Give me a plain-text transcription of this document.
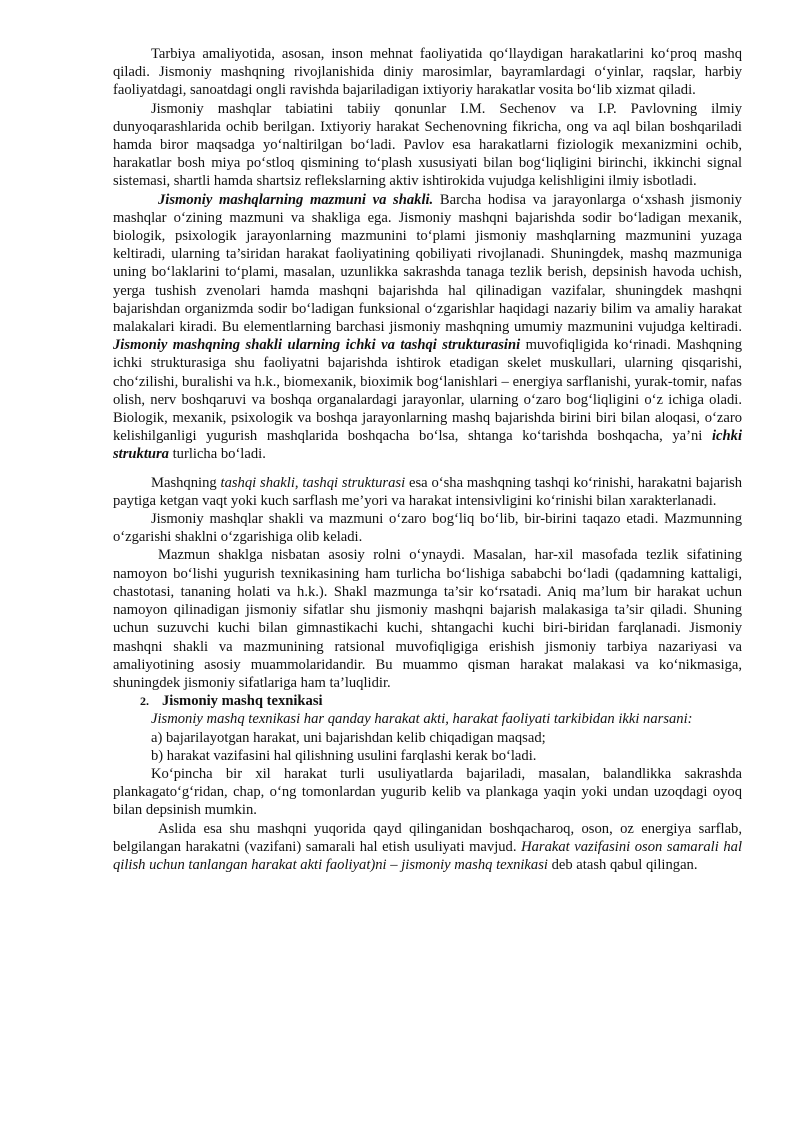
Tarbiya amaliyotida, asosan, inson mehnat faoliyatida qo‘llaydigan harakatlarini ko‘proq mashq qiladi. Jismoniy mashqning rivojlanishida diniy marosimlar, bayramlardagi o‘yinlar, raqslar, harbiy faoliyatdagi, sanoatdagi ongli ravishda bajariladigan ixtiyoriy harakatlar vosita bo‘lib xizmat qiladi.

Jismoniy mashqlar tabiatini tabiiy qonunlar I.M. Sechenov va I.P. Pavlovning ilmiy dunyoqarashlarida ochib berilgan. Ixtiyoriy harakat Sechenovning fikricha, ong va aql bilan boshqariladi hamda biror maqsadga yo‘naltirilgan bo‘ladi. Pavlov esa harakatlarni fiziologik mexanizmini ochib, harakatlar bosh miya po‘stloq qismining to‘plash xususiyati bilan bog‘liqligini birinchi, ikkinchi signal sistemasi, shartli hamda shartsiz reflekslarning aktiv ishtirokida vujudga kelishligini ilmiy isbotladi.

Jismoniy mashqlarning mazmuni va shakli. Barcha hodisa va jarayonlarga o‘xshash jismoniy mashqlar o‘zining mazmuni va shakliga ega. Jismoniy mashqni bajarishda sodir bo‘ladigan mexanik, biologik, psixologik jarayonlarning mazmunini to‘plami jismoniy mashqlarning mazmunini yuzaga keltiradi, ularning ta’siridan harakat faoliyatining qobiliyati rivojlanadi. Shuningdek, mashq mazmuniga uning bo‘laklarini to‘plami, masalan, uzunlikka sakrashda tanaga tezlik berish, depsinish havoda uchish, yerga tushish zvenolari hamda mashqni bajarishda hal qilinadigan vazifalar, shuningdek mashqni bajarishdan organizmda sodir bo‘ladigan funksional o‘zgarishlar haqidagi nazariy bilim va amaliy harakat malakalari kiradi. Bu elementlarning barchasi jismoniy mashqning umumiy mazmunini vujudga keltiradi. Jismoniy mashqning shakli ularning ichki va tashqi strukturasini muvofiqligida ko‘rinadi. Mashqning ichki strukturasiga shu faoliyatni bajarishda ishtirok etadigan skelet muskullari, ularning qisqarishi, cho‘zilishi, buralishi va h.k., biomexanik, bioximik bog‘lanishlari – energiya sarflanishi, yurak-tomir, nafas olish, nerv boshqaruvi va boshqa organalardagi jarayonlar, ularning o‘zaro bog‘liqligini o‘z ichiga oladi. Biologik, mexanik, psixologik va boshqa jarayonlarning mashq bajarishda birini biri bilan aloqasi, o‘zaro kelishilganligi yugurish mashqlarida boshqacha bo‘lsa, shtanga ko‘tarishda boshqacha, ya’ni ichki struktura turlicha bo‘ladi.

Mashqning tashqi shakli, tashqi strukturasi esa o‘sha mashqning tashqi ko‘rinishi, harakatni bajarish paytiga ketgan vaqt yoki kuch sarflash me’yori va harakat intensivligini ko‘rinishi bilan xarakterlanadi.

Jismoniy mashqlar shakli va mazmuni o‘zaro bog‘liq bo‘lib, bir-birini taqazo etadi. Mazmunning o‘zgarishi shaklni o‘zgarishiga olib keladi.

Mazmun shaklga nisbatan asosiy rolni o‘ynaydi. Masalan, har-xil masofada tezlik sifatining namoyon bo‘lishi yugurish texnikasining ham turlicha bo‘lishiga sababchi bo‘ladi (qadamning kattaligi, chastotasi, tananing holati va h.k.). Shakl mazmunga ta’sir ko‘rsatadi. Aniq ma’lum bir harakat uchun namoyon qilinadigan jismoniy sifatlar shu jismoniy mashqni bajarish malakasiga ta’sir qiladi. Shuning uchun suzuvchi kuchi bilan gimnastikachi kuchi, shtangachi kuchi biri-biridan farqlanadi. Jismoniy mashqni shakli va mazmunining ratsional muvofiqligiga erishish jismoniy tarbiya nazariyasi va amaliyotining asosiy muammolaridandir. Bu muammo qisman harakat malakasi va ko‘nikmasiga, shuningdek jismoniy sifatlariga ham ta’luqlidir.

2. Jismoniy mashq texnikasi

Jismoniy mashq texnikasi har qanday harakat akti, harakat faoliyati tarkibidan ikki narsani:

a) bajarilayotgan harakat, uni bajarishdan kelib chiqadigan maqsad;

b) harakat vazifasini hal qilishning usulini farqlashi kerak bo‘ladi.

Ko‘pincha bir xil harakat turli usuliyatlarda bajariladi, masalan, balandlikka sakrashda plankagato‘g‘ridan, chap, o‘ng tomonlardan yugurib kelib va plankaga yaqin yoki undan uzoqdagi oyoq bilan depsinish mumkin.

Aslida esa shu mashqni yuqorida qayd qilinganidan boshqacharoq, oson, oz energiya sarflab, belgilangan harakatni (vazifani) samarali hal etish usuliyati mavjud. Harakat vazifasini oson samarali hal qilish uchun tanlangan harakat akti faoliyat)ni – jismoniy mashq texnikasi deb atash qabul qilingan.
